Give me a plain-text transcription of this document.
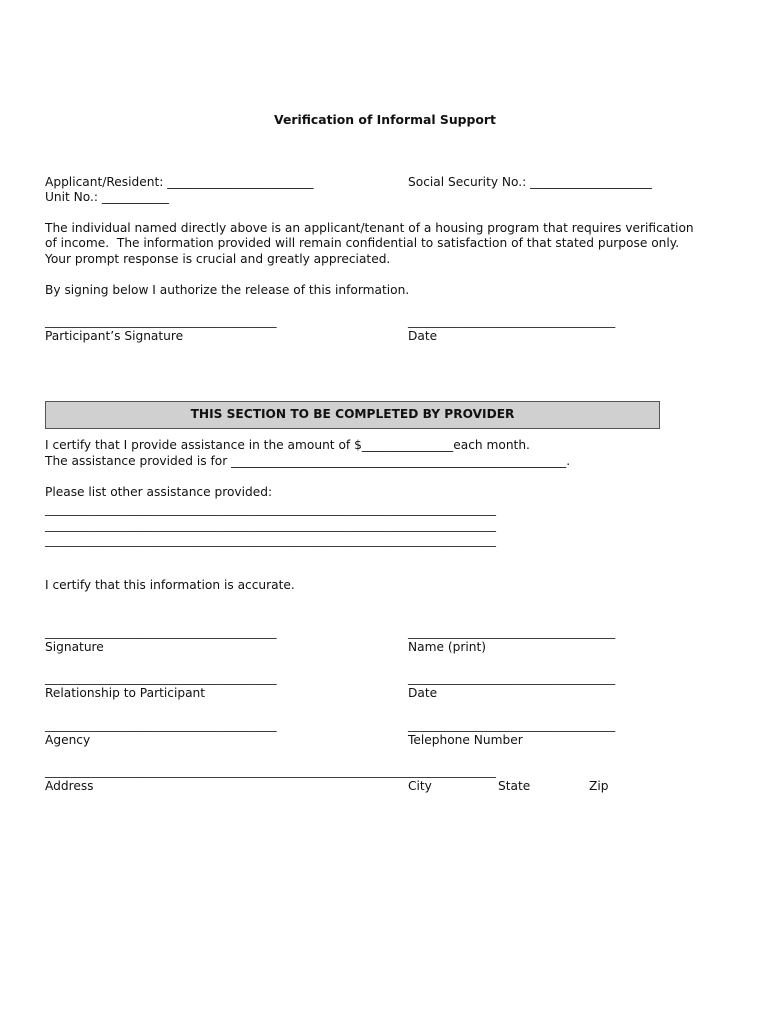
Verification of Informal Support
Applicant/Resident: ________________________	Social Security No.: ____________________
Unit No.: ___________
The individual named directly above is an applicant/tenant of a housing program that requires verification
of income.  The information provided will remain confidential to satisfaction of that stated purpose only.
Your prompt response is crucial and greatly appreciated.
By signing below I authorize the release of this information.
______________________________________	__________________________________
Participant’s Signature	Date
THIS SECTION TO BE COMPLETED BY PROVIDER
I certify that I provide assistance in the amount of $_______________each month.
The assistance provided is for _______________________________________________________.
Please list other assistance provided:
__________________________________________________________________________
__________________________________________________________________________
__________________________________________________________________________
I certify that this information is accurate.
______________________________________	__________________________________
Signature	Name (print)
______________________________________	__________________________________
Relationship to Participant	Date
______________________________________	__________________________________
Agency	Telephone Number
__________________________________________________________________________
Address	City	State	Zip
